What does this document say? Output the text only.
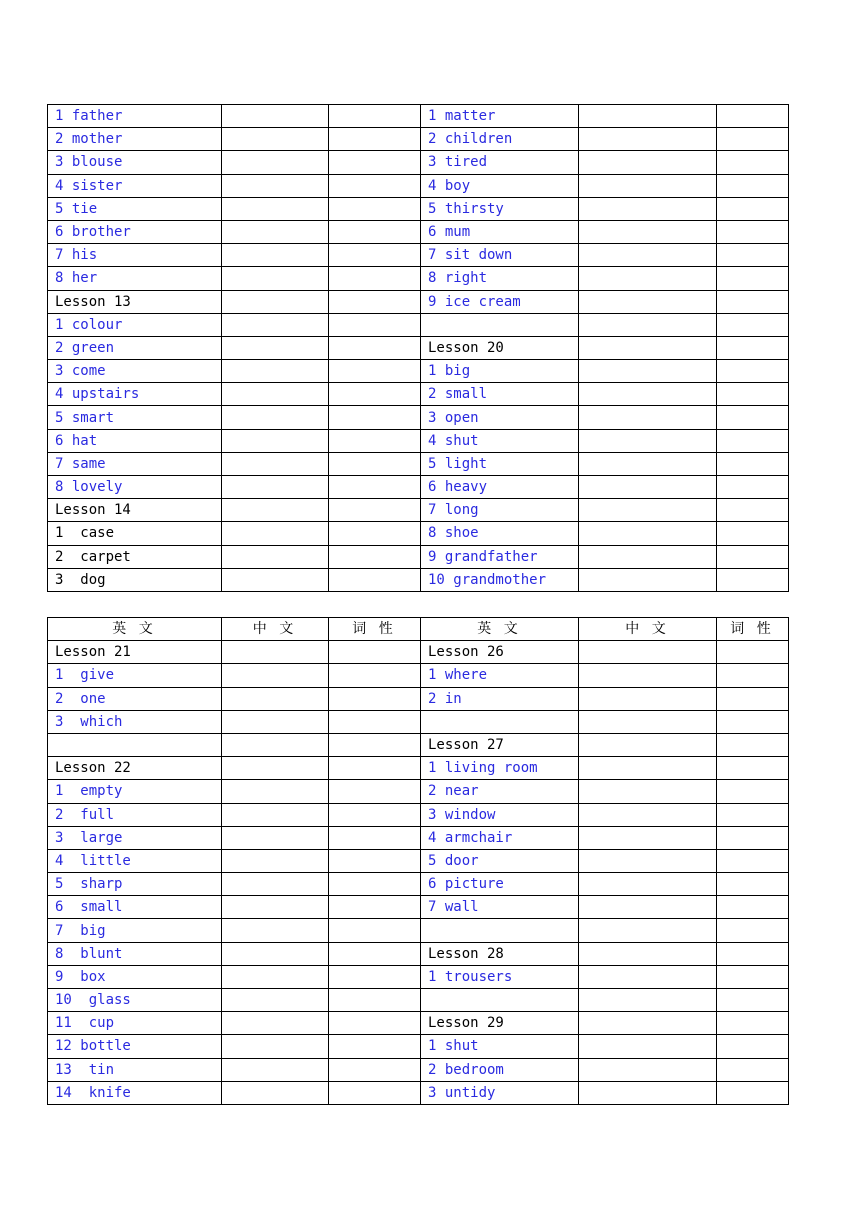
1 father			1 matter		
2 mother			2 children		
3 blouse			3 tired		
4 sister			4 boy		
5 tie			5 thirsty		
6 brother			6 mum		
7 his			7 sit down		
8 her			8 right		
Lesson 13			9 ice cream		
1 colour					
2 green			Lesson 20		
3 come			1 big		
4 upstairs			2 small		
5 smart			3 open		
6 hat			4 shut		
7 same			5 light		
8 lovely			6 heavy		
Lesson 14			7 long		
1  case			8 shoe		
2  carpet			9 grandfather		
3  dog			10 grandmother		
英 文	中 文	词 性	英 文	中 文	词 性
Lesson 21			Lesson 26		
1  give			1 where		
2  one			2 in		
3  which					
			Lesson 27		
Lesson 22			1 living room		
1  empty			2 near		
2  full			3 window		
3  large			4 armchair		
4  little			5 door		
5  sharp			6 picture		
6  small			7 wall		
7  big					
8  blunt			Lesson 28		
9  box			1 trousers		
10  glass					
11  cup			Lesson 29		
12 bottle			1 shut		
13  tin			2 bedroom		
14  knife			3 untidy		
